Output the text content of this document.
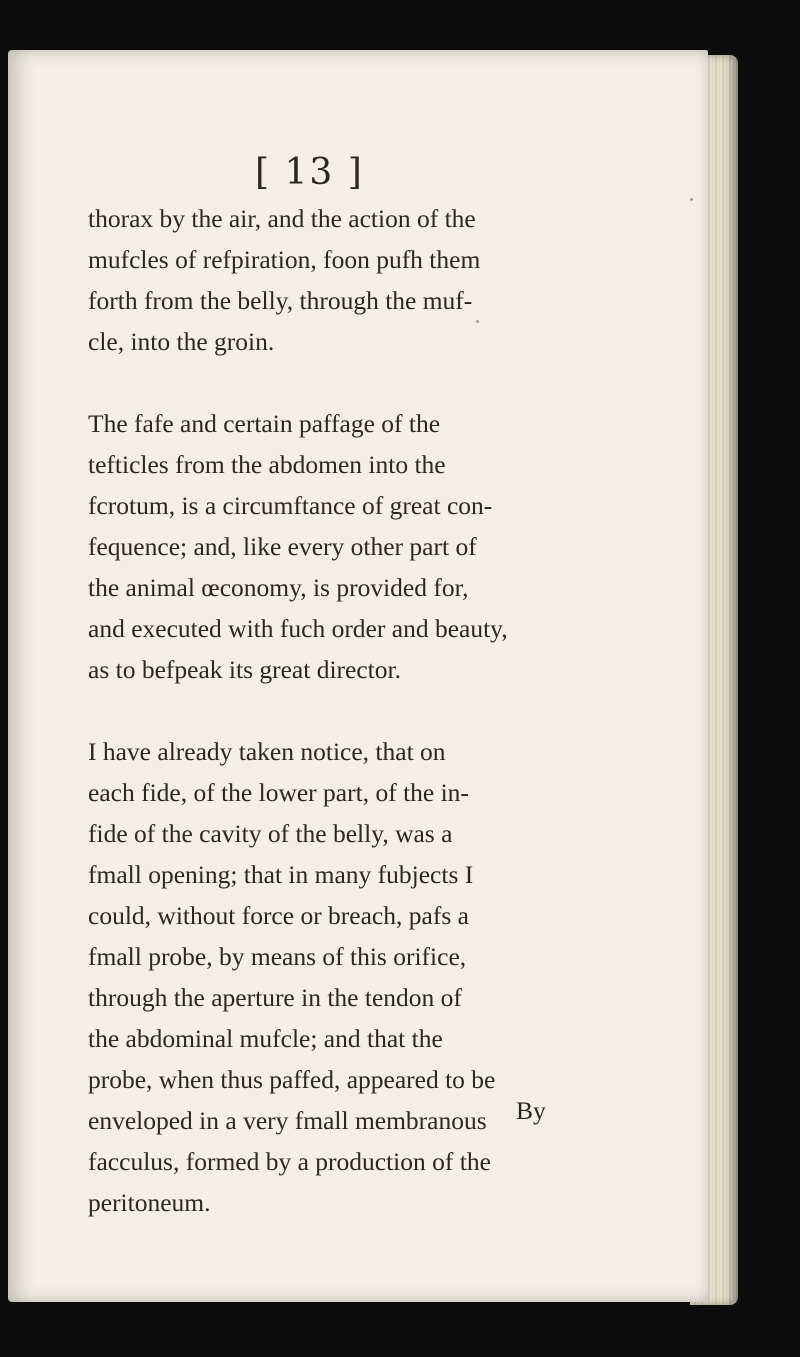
[ 13 ]

thorax by the air, and the action of the
mufcles of refpiration, foon pufh them
forth from the belly, through the muf-
cle, into the groin.

The fafe and certain paffage of the
tefticles from the abdomen into the
fcrotum, is a circumftance of great con-
fequence; and, like every other part of
the animal œconomy, is provided for,
and executed with fuch order and beauty,
as to befpeak its great director.

I have already taken notice, that on
each fide, of the lower part, of the in-
fide of the cavity of the belly, was a
fmall opening; that in many fubjects I
could, without force or breach, pafs a
fmall probe, by means of this orifice,
through the aperture in the tendon of
the abdominal mufcle; and that the
probe, when thus paffed, appeared to be
enveloped in a very fmall membranous
facculus, formed by a production of the
peritoneum.

By
